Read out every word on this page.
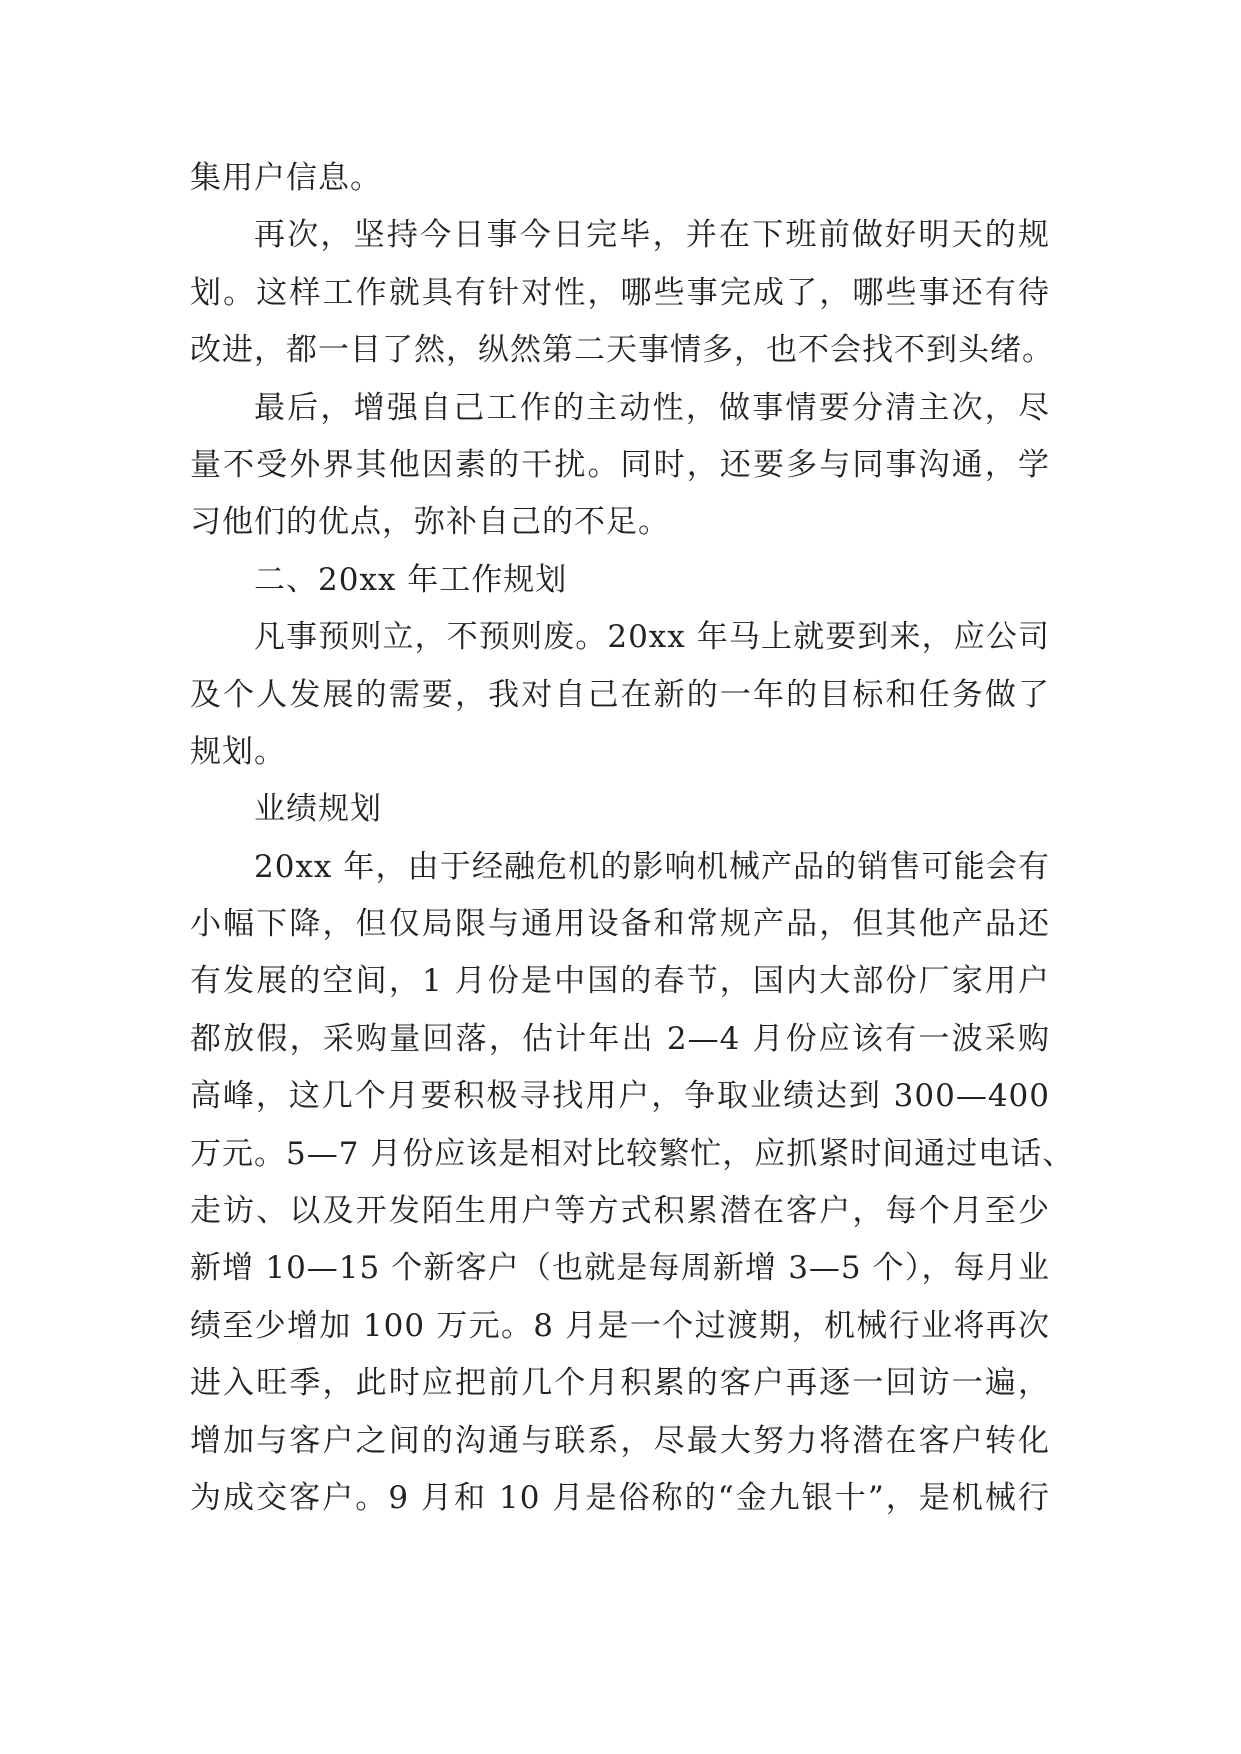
集用户信息。
再次，坚持今日事今日完毕，并在下班前做好明天的规
划。这样工作就具有针对性，哪些事完成了，哪些事还有待
改进，都一目了然，纵然第二天事情多，也不会找不到头绪。
最后，增强自己工作的主动性，做事情要分清主次，尽
量不受外界其他因素的干扰。同时，还要多与同事沟通，学
习他们的优点，弥补自己的不足。
二、20xx 年工作规划
凡事预则立，不预则废。20xx 年马上就要到来，应公司
及个人发展的需要，我对自己在新的一年的目标和任务做了
规划。
业绩规划
20xx 年，由于经融危机的影响机械产品的销售可能会有
小幅下降，但仅局限与通用设备和常规产品，但其他产品还
有发展的空间，1 月份是中国的春节，国内大部份厂家用户
都放假，采购量回落，估计年出 2—4 月份应该有一波采购
高峰，这几个月要积极寻找用户，争取业绩达到 300—400
万元。5—7 月份应该是相对比较繁忙，应抓紧时间通过电话、
走访、以及开发陌生用户等方式积累潜在客户，每个月至少
新增 10—15 个新客户（也就是每周新增 3—5 个），每月业
绩至少增加 100 万元。8 月是一个过渡期，机械行业将再次
进入旺季，此时应把前几个月积累的客户再逐一回访一遍，
增加与客户之间的沟通与联系，尽最大努力将潜在客户转化
为成交客户。9 月和 10 月是俗称的“金九银十”，是机械行
